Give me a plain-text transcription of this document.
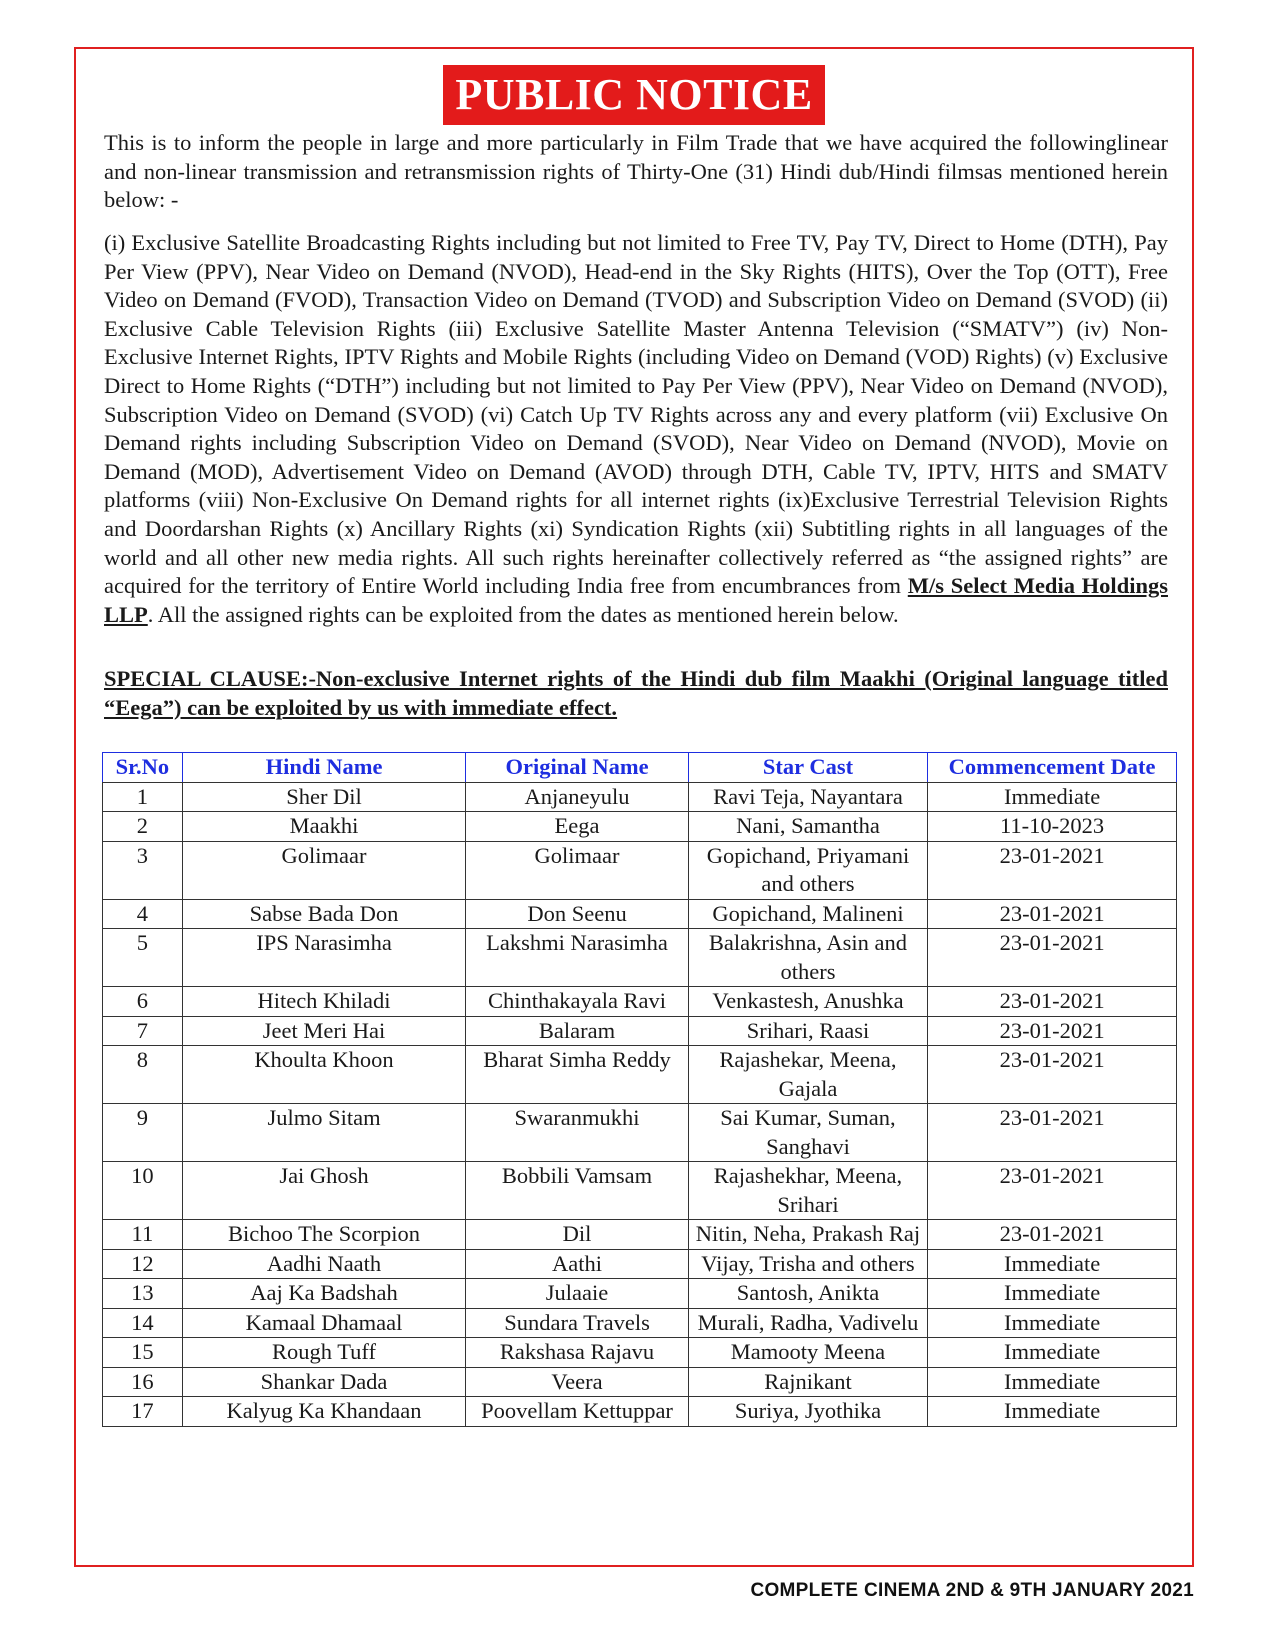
PUBLIC NOTICE

This is to inform the people in large and more particularly in Film Trade that we have acquired the followinglinear and non-linear transmission and retransmission rights of Thirty-One (31) Hindi dub/Hindi filmsas mentioned herein below: -

(i) Exclusive Satellite Broadcasting Rights including but not limited to Free TV, Pay TV, Direct to Home (DTH), Pay Per View (PPV), Near Video on Demand (NVOD), Head-end in the Sky Rights (HITS), Over the Top (OTT), Free Video on Demand (FVOD), Transaction Video on Demand (TVOD) and Subscription Video on Demand (SVOD) (ii) Exclusive Cable Television Rights (iii) Exclusive Satellite Master Antenna Television (“SMATV”) (iv) Non- Exclusive Internet Rights, IPTV Rights and Mobile Rights (including Video on Demand (VOD) Rights) (v) Exclusive Direct to Home Rights (“DTH”) including but not limited to Pay Per View (PPV), Near Video on Demand (NVOD), Subscription Video on Demand (SVOD) (vi) Catch Up TV Rights across any and every platform (vii) Exclusive On Demand rights including Subscription Video on Demand (SVOD), Near Video on Demand (NVOD), Movie on Demand (MOD), Advertisement Video on Demand (AVOD) through DTH, Cable TV, IPTV, HITS and SMATV platforms (viii) Non-Exclusive On Demand rights for all internet rights (ix)Exclusive Terrestrial Television Rights and Doordarshan Rights (x) Ancillary Rights (xi) Syndication Rights (xii) Subtitling rights in all languages of the world and all other new media rights. All such rights hereinafter collectively referred as “the assigned rights” are acquired for the territory of Entire World including India free from encumbrances from M/s Select Media Holdings LLP. All the assigned rights can be exploited from the dates as mentioned herein below.

SPECIAL CLAUSE:-Non-exclusive Internet rights of the Hindi dub film Maakhi (Original language titled “Eega”) can be exploited by us with immediate effect.

Sr.No	Hindi Name	Original Name	Star Cast	Commencement Date
1	Sher Dil	Anjaneyulu	Ravi Teja, Nayantara	Immediate
2	Maakhi	Eega	Nani, Samantha	11-10-2023
3	Golimaar	Golimaar	Gopichand, Priyamani and others	23-01-2021
4	Sabse Bada Don	Don Seenu	Gopichand, Malineni	23-01-2021
5	IPS Narasimha	Lakshmi Narasimha	Balakrishna, Asin and others	23-01-2021
6	Hitech Khiladi	Chinthakayala Ravi	Venkastesh, Anushka	23-01-2021
7	Jeet Meri Hai	Balaram	Srihari, Raasi	23-01-2021
8	Khoulta Khoon	Bharat Simha Reddy	Rajashekar, Meena, Gajala	23-01-2021
9	Julmo Sitam	Swaranmukhi	Sai Kumar, Suman, Sanghavi	23-01-2021
10	Jai Ghosh	Bobbili Vamsam	Rajashekhar, Meena, Srihari	23-01-2021
11	Bichoo The Scorpion	Dil	Nitin, Neha, Prakash Raj	23-01-2021
12	Aadhi Naath	Aathi	Vijay, Trisha and others	Immediate
13	Aaj Ka Badshah	Julaaie	Santosh, Anikta	Immediate
14	Kamaal Dhamaal	Sundara Travels	Murali, Radha, Vadivelu	Immediate
15	Rough Tuff	Rakshasa Rajavu	Mamooty Meena	Immediate
16	Shankar Dada	Veera	Rajnikant	Immediate
17	Kalyug Ka Khandaan	Poovellam Kettuppar	Suriya, Jyothika	Immediate
COMPLETE CINEMA 2ND & 9TH JANUARY 2021
